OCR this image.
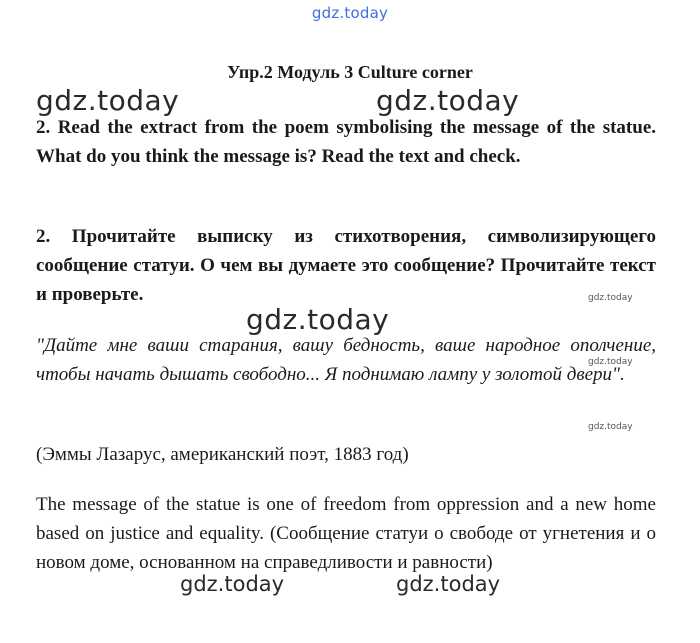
gdz.today
Упр.2 Модуль 3 Culture corner
2. Read the extract from the poem symbolising the message of the statue. What do you think the message is? Read the text and check.
2. Прочитайте выписку из стихотворения, символизирующего сообщение статуи. О чем вы думаете это сообщение? Прочитайте текст и проверьте.
"Дайте мне ваши старания, вашу бедность, ваше народное ополчение, чтобы начать дышать свободно... Я поднимаю лампу у золотой двери".
(Эммы Лазарус, американский поэт, 1883 год)
The message of the statue is one of freedom from oppression and a new home based on justice and equality. (Сообщение статуи о свободе от угнетения и о новом доме, основанном на справедливости и равности)
gdz.today	gdz.today
gdz.today
gdz.today	gdz.today
gdz.today
gdz.today
gdz.today
